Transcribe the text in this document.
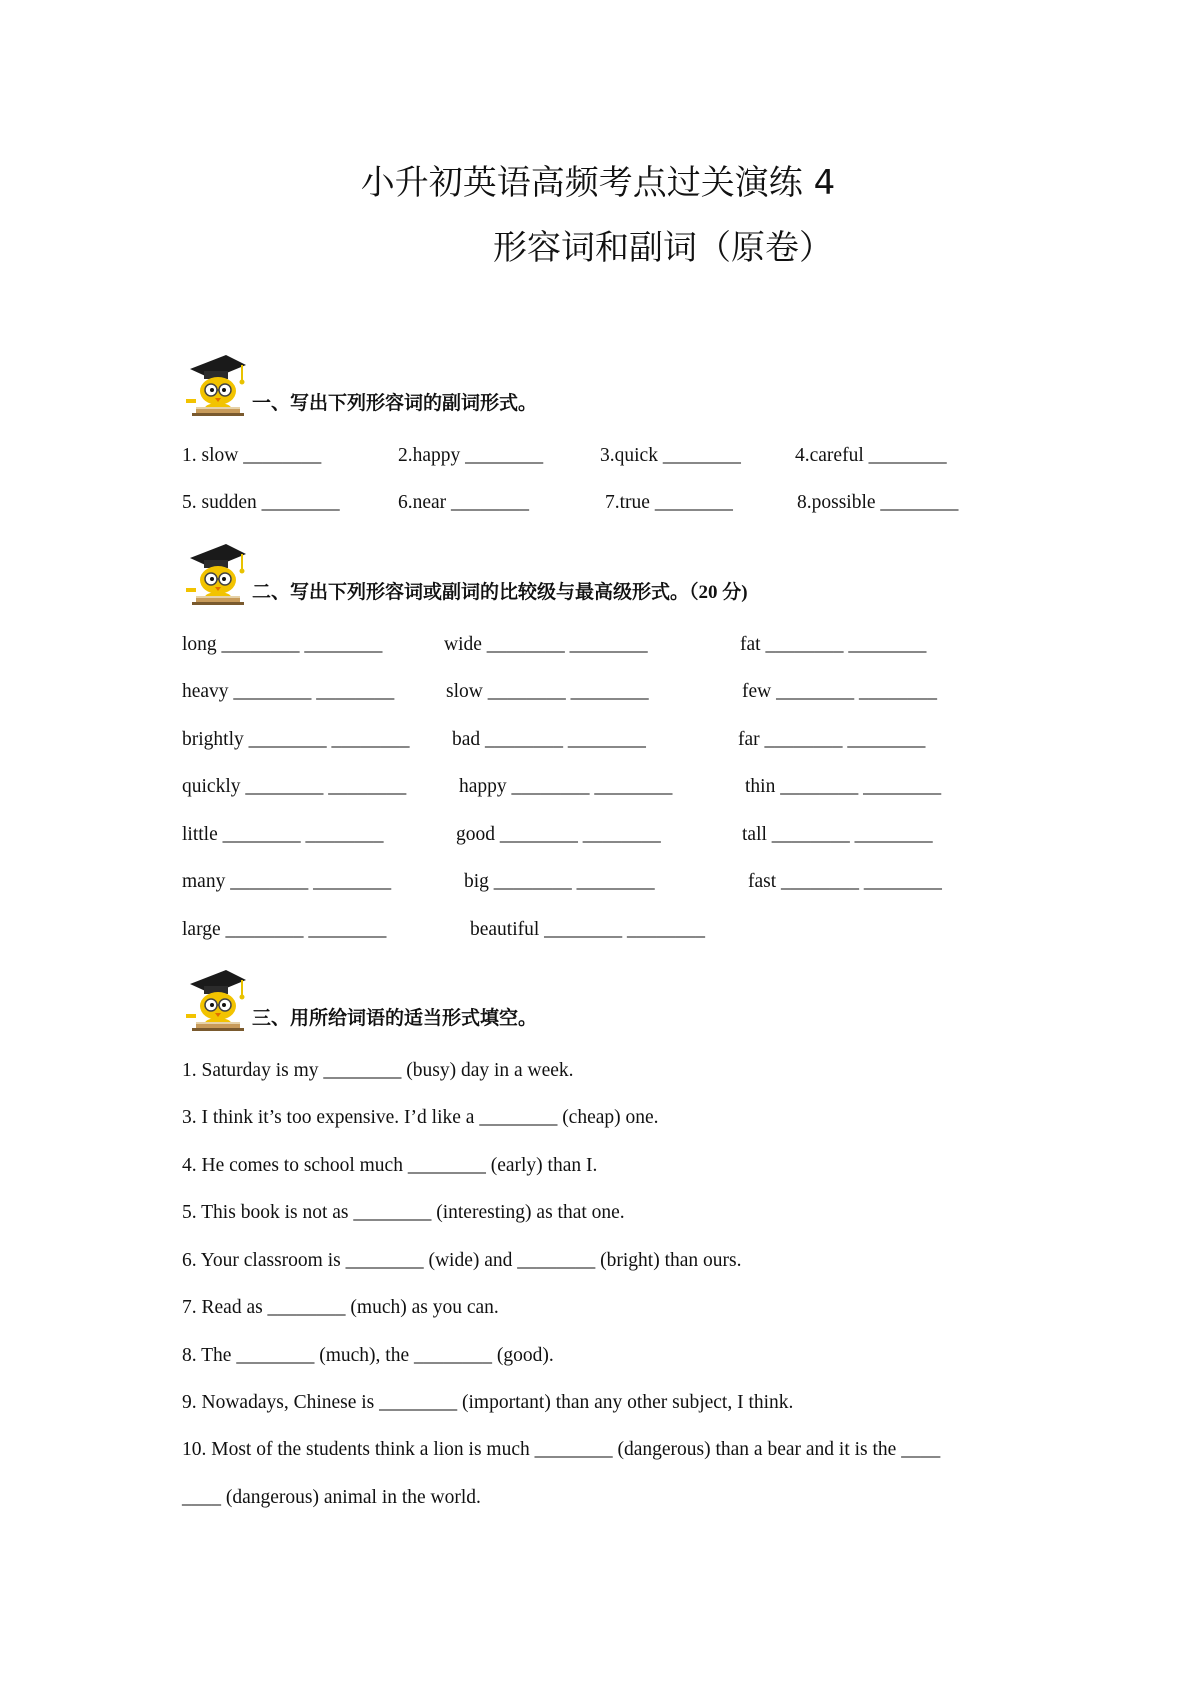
小升初英语高频考点过关演练 4
形容词和副词（原卷）
一、写出下列形容词的副词形式。
1. slow ________	2.happy ________	3.quick ________	4.careful ________
5. sudden ________	6.near ________	7.true ________	8.possible ________
二、写出下列形容词或副词的比较级与最高级形式。（20 分)
long ________ ________	wide ________ ________	fat ________ ________
heavy ________ ________	slow ________ ________	few ________ ________
brightly ________ ________ bad ________ ________	far ________ ________
quickly ________ ________	happy ________ ________	thin ________ ________
little ________ ________	good ________ ________	tall ________ ________
many ________ ________	big ________ ________	fast ________ ________
large ________ ________	beautiful ________ ________
三、用所给词语的适当形式填空。
1. Saturday is my ________ (busy) day in a week.
3. I think it’s too expensive. I’d like a ________ (cheap) one.
4. He comes to school much ________ (early) than I.
5. This book is not as ________ (interesting) as that one.
6. Your classroom is ________ (wide) and ________ (bright) than ours.
7. Read as ________ (much) as you can.
8. The ________ (much), the ________ (good).
9. Nowadays, Chinese is ________ (important) than any other subject, I think.
10. Most of the students think a lion is much ________ (dangerous) than a bear and it is the ____
____ (dangerous) animal in the world.
